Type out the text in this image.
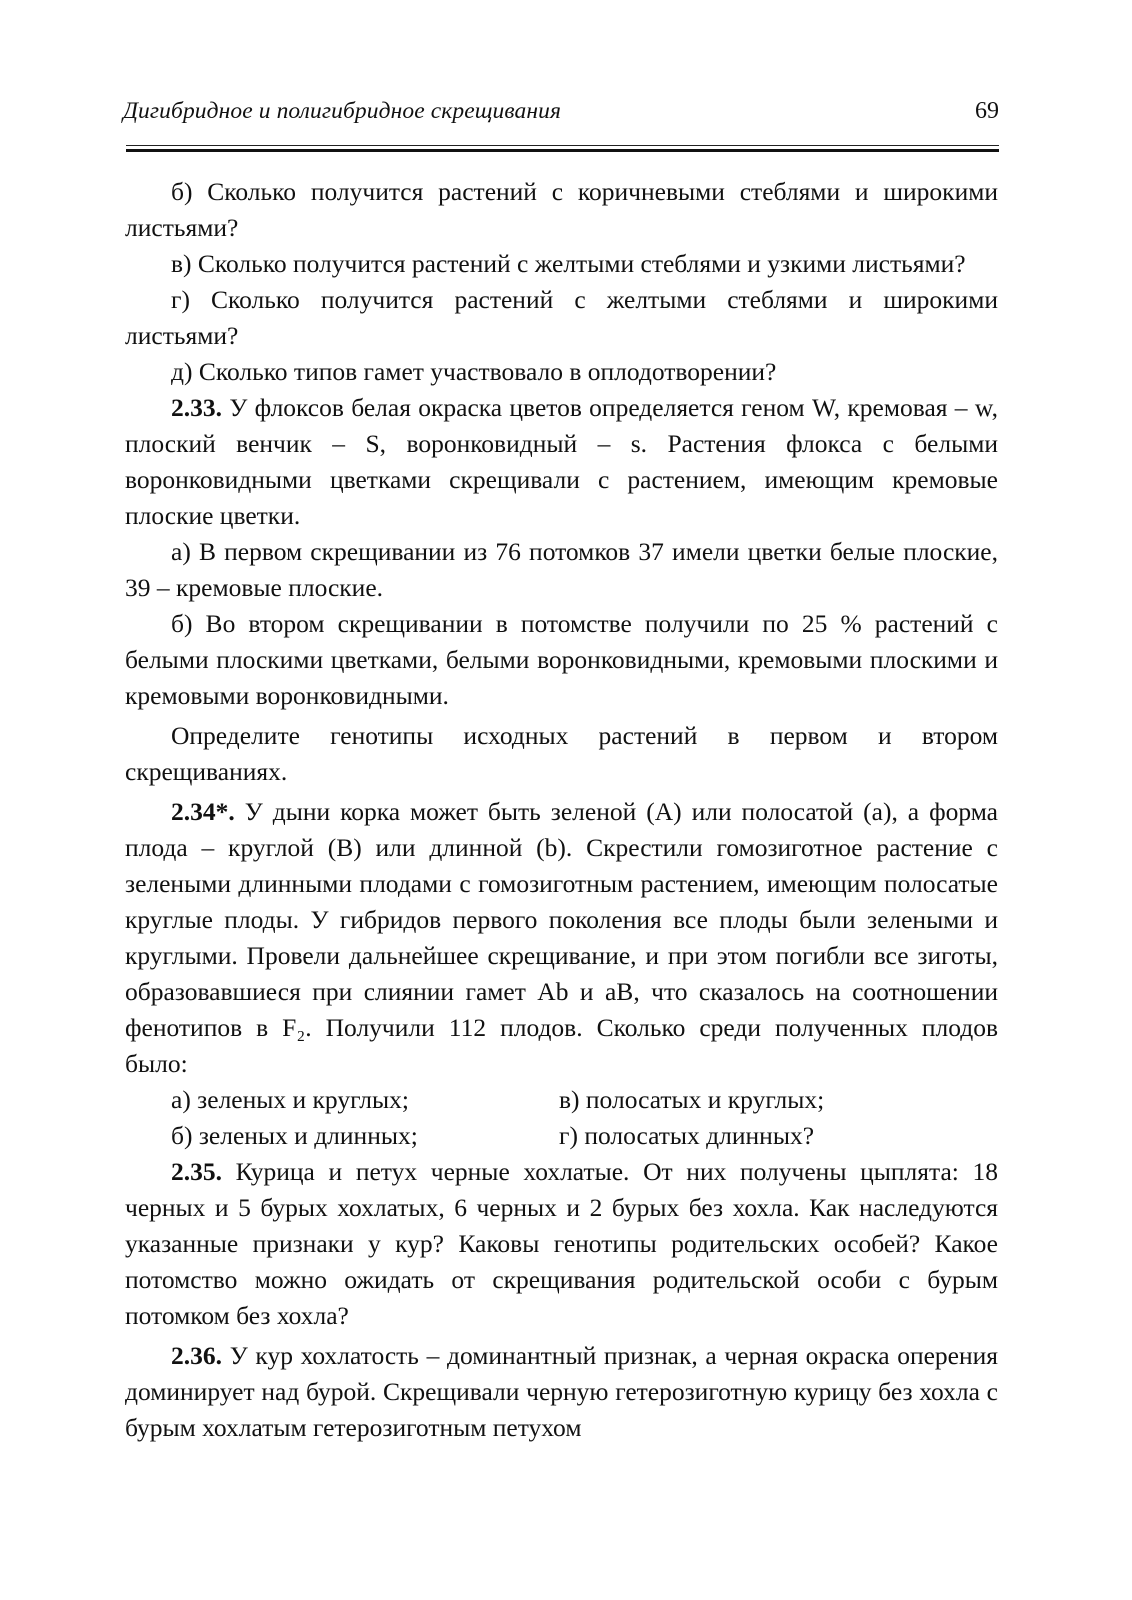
Дигибридное и полигибридное скрещивания	69

б) Сколько получится растений с коричневыми стеблями и широкими листьями?

в) Сколько получится растений с желтыми стеблями и узкими листьями?

г) Сколько получится растений с желтыми стеблями и широкими листьями?

д) Сколько типов гамет участвовало в оплодотворении?

2.33. У флоксов белая окраска цветов определяется геном W, кремовая – w, плоский венчик – S, воронковидный – s. Растения флокса с белыми воронковидными цветками скрещивали с растением, имеющим кремовые плоские цветки.

а) В первом скрещивании из 76 потомков 37 имели цветки белые плоские, 39 – кремовые плоские.

б) Во втором скрещивании в потомстве получили по 25 % растений с белыми плоскими цветками, белыми воронковидными, кремовыми плоскими и кремовыми воронковидными.

Определите генотипы исходных растений в первом и втором скрещиваниях.

2.34*. У дыни корка может быть зеленой (A) или полосатой (a), а форма плода – круглой (B) или длинной (b). Скрестили гомозиготное растение с зелеными длинными плодами с гомозиготным растением, имеющим полосатые круглые плоды. У гибридов первого поколения все плоды были зелеными и круглыми. Провели дальнейшее скрещивание, и при этом погибли все зиготы, образовавшиеся при слиянии гамет Ab и aB, что сказалось на соотношении фенотипов в F₂. Получили 112 плодов. Сколько среди полученных плодов было:

а) зеленых и круглых;	в) полосатых и круглых;
б) зеленых и длинных;	г) полосатых длинных?

2.35. Курица и петух черные хохлатые. От них получены цыплята: 18 черных и 5 бурых хохлатых, 6 черных и 2 бурых без хохла. Как наследуются указанные признаки у кур? Каковы генотипы родительских особей? Какое потомство можно ожидать от скрещивания родительской особи с бурым потомком без хохла?

2.36. У кур хохлатость – доминантный признак, а черная окраска оперения доминирует над бурой. Скрещивали черную гетерозиготную курицу без хохла с бурым хохлатым гетерозиготным петухом
